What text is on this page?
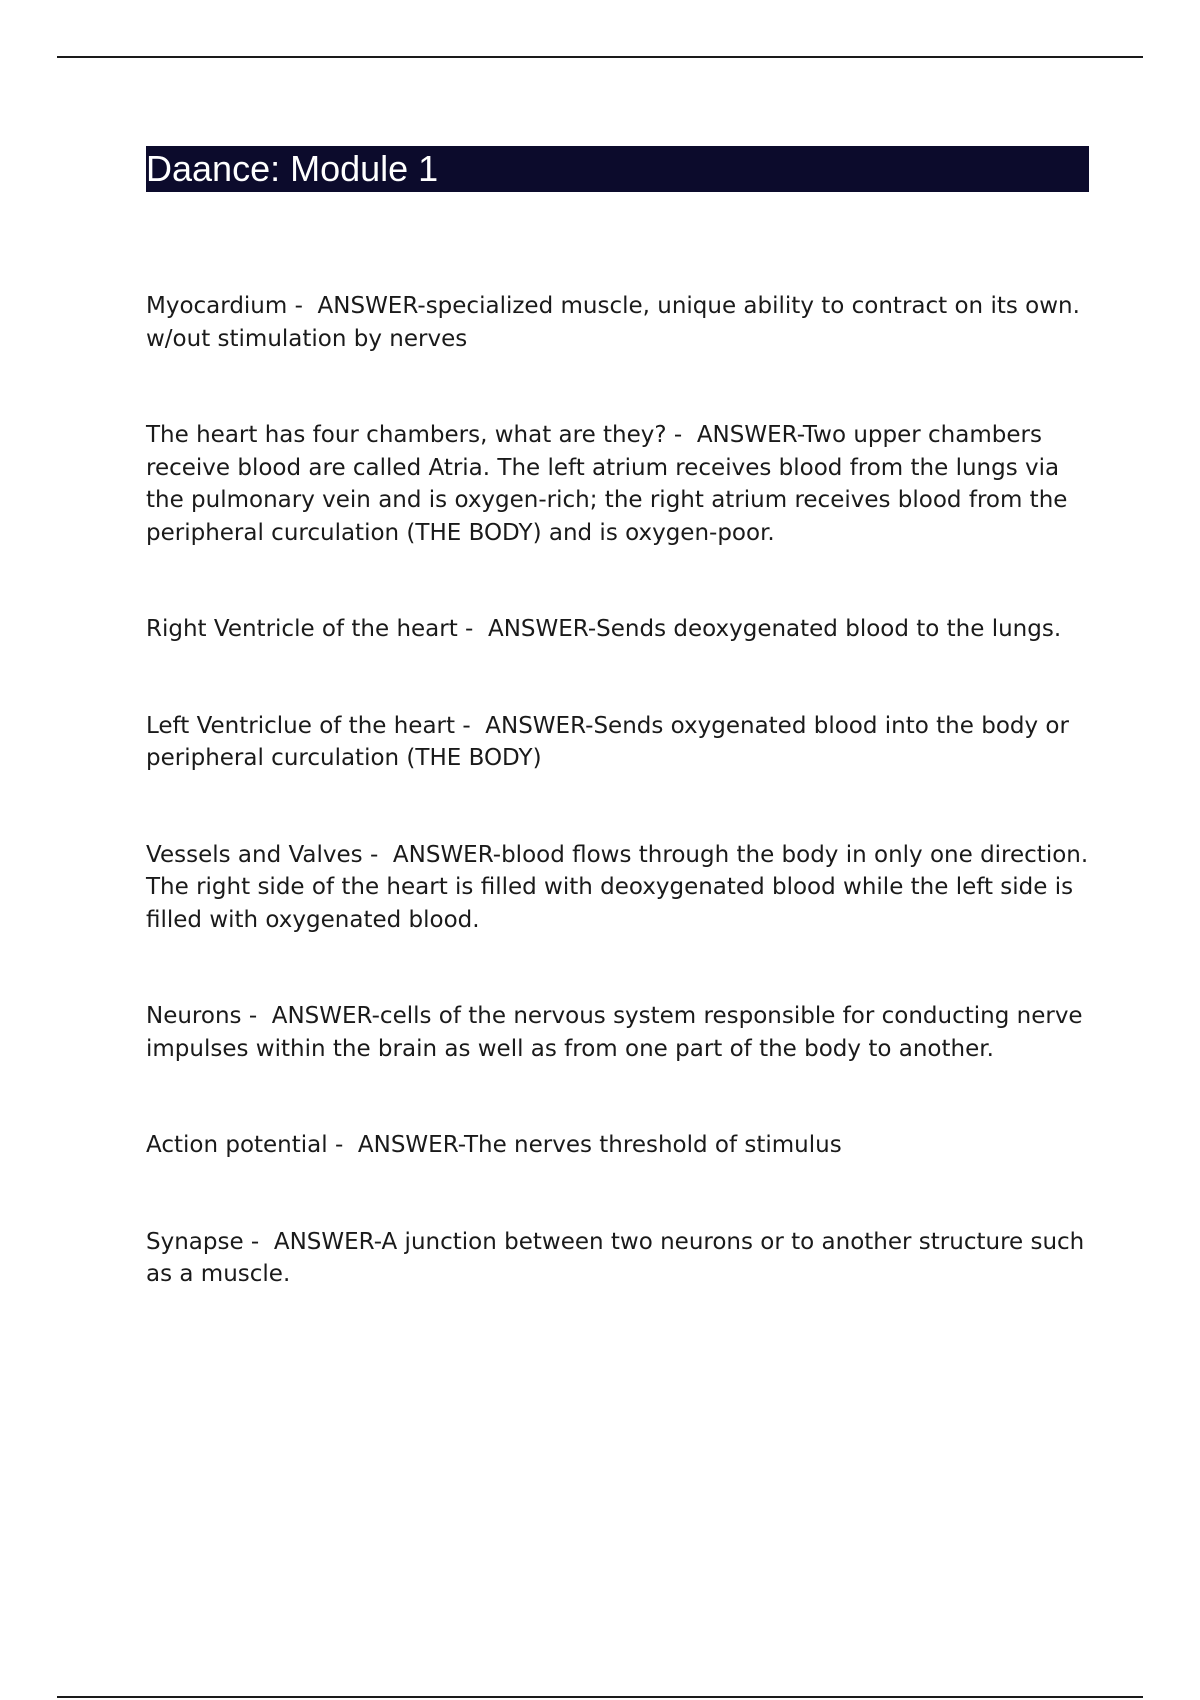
Daance: Module 1

Myocardium -  ANSWER-specialized muscle, unique ability to contract on its own. w/out stimulation by nerves

The heart has four chambers, what are they? -  ANSWER-Two upper chambers receive blood are called Atria. The left atrium receives blood from the lungs via the pulmonary vein and is oxygen-rich; the right atrium receives blood from the peripheral curculation (THE BODY) and is oxygen-poor.

Right Ventricle of the heart -  ANSWER-Sends deoxygenated blood to the lungs.

Left Ventriclue of the heart -  ANSWER-Sends oxygenated blood into the body or peripheral curculation (THE BODY)

Vessels and Valves -  ANSWER-blood flows through the body in only one direction. The right side of the heart is filled with deoxygenated blood while the left side is filled with oxygenated blood.

Neurons -  ANSWER-cells of the nervous system responsible for conducting nerve impulses within the brain as well as from one part of the body to another.

Action potential -  ANSWER-The nerves threshold of stimulus

Synapse -  ANSWER-A junction between two neurons or to another structure such as a muscle.
